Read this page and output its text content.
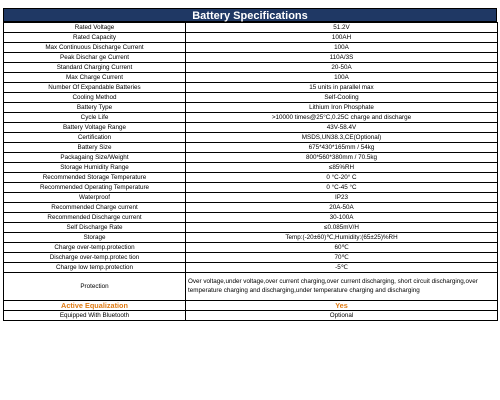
Battery Specifications
Rated Voltage	51.2V
Rated Capacity	100AH
Max Continuous Discharge Current	100A
Peak Dischar ge Current	110A/3S
Standard Charging Current	20-50A
Max Charge Current	100A
Number Of Expandable Batteries	15 units in parallel max
Cooling Method	Self-Cooling
Battery Type	Lithium Iron Phosphate
Cycle Life	>10000 times@25°C,0.25C charge and discharge
Battery Voltage Range	43V-58.4V
Certification	MSDS,UN38.3,CE(Optional)
Battery Size	675*430*165mm / 54kg
Packagaing Size/Weight	800*560*380mm / 70.5kg
Storage Humidity Range	≤85%RH
Recommended Storage Temperature	0 °C-20° C
Recommended Operating Temperature	0 °C-45 °C
Waterproof	IP23
Recommended Charge current	20A-50A
Recommended Discharge current	30-100A
Self Discharge Rate	≤0.085mV/H
Storage	Temp:(-20±60)℃,Humidity:(65±25)%RH
Charge over-temp.protection	60℃
Discharge over-temp.protec tion	70℃
Charge low temp.protection	-5℃
Protection	Over voltage,under voltage,over current charging,over current discharging, short circuit discharging,over temperature charging and discharging,under temperature charging and discharging
Active Equalization	Yes
Equipped With Bluetooth	Optional
